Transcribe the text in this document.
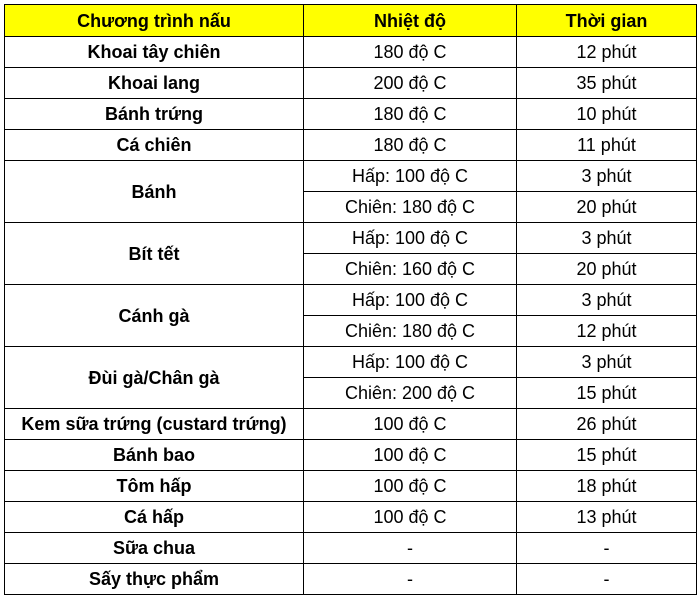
Chương trình nấu	Nhiệt độ	Thời gian
Khoai tây chiên	180 độ C	12 phút
Khoai lang	200 độ C	35 phút
Bánh trứng	180 độ C	10 phút
Cá chiên	180 độ C	11 phút
Bánh	Hấp: 100 độ C	3 phút
	Chiên: 180 độ C	20 phút
Bít tết	Hấp: 100 độ C	3 phút
	Chiên: 160 độ C	20 phút
Cánh gà	Hấp: 100 độ C	3 phút
	Chiên: 180 độ C	12 phút
Đùi gà/Chân gà	Hấp: 100 độ C	3 phút
	Chiên: 200 độ C	15 phút
Kem sữa trứng (custard trứng)	100 độ C	26 phút
Bánh bao	100 độ C	15 phút
Tôm hấp	100 độ C	18 phút
Cá hấp	100 độ C	13 phút
Sữa chua	-	-
Sấy thực phẩm	-	-
